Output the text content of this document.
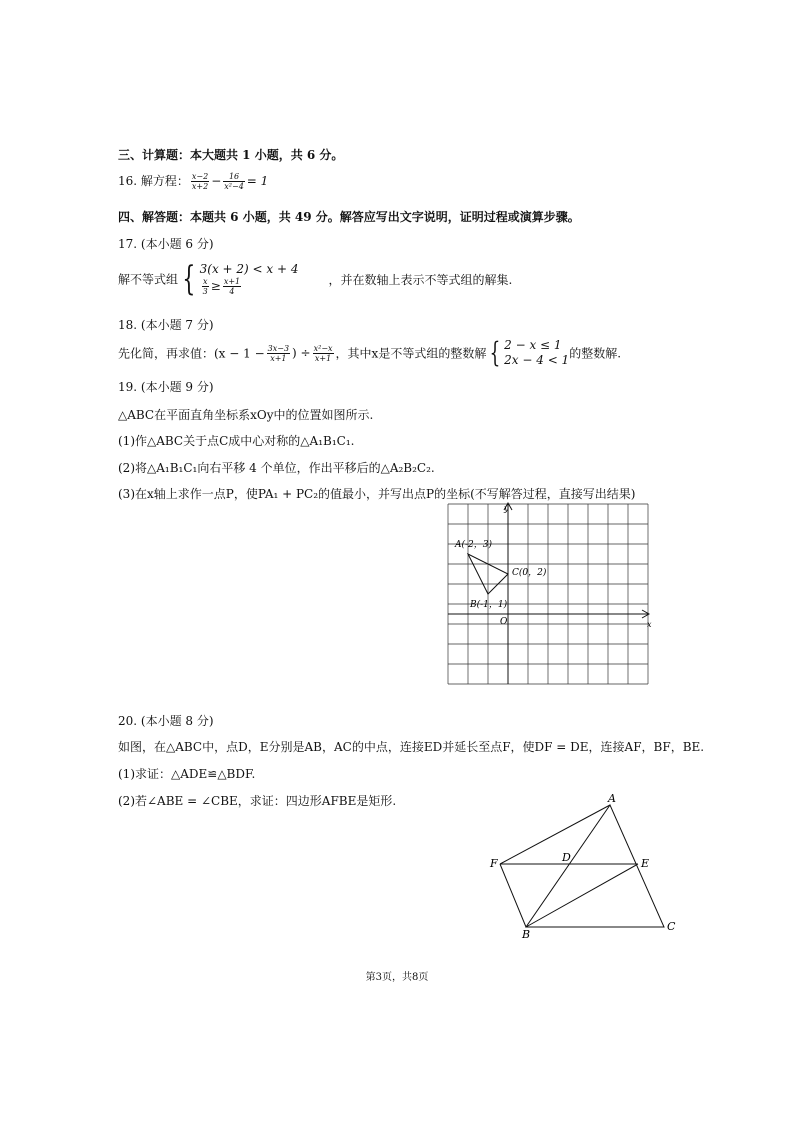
三、计算题：本大题共 1 小题，共 6 分。
16. 解方程： $\frac{x-2}{x+2} - \frac{16}{\text{x²−4}} = 1$
四、解答题：本题共 6 小题，共 49 分。解答应写出文字说明，证明过程或演算步骤。
17. (本小题 6 分)
解不等式组 { 3(x + 2) < x + 4
$\frac{x}{3} \ge \frac{x+1}{4}$	，并在数轴上表示不等式组的解集.
18. (本小题 7 分)
先化简，再求值：($x - 1 - \frac{3x-3}{x+1}$ ) ÷ $\frac{\text{x²−x}}{x+1}$ ，其中x是不等式组的整数解 { 2 − x ≤ 1
2x − 4 < 1 的整数解.
19. (本小题 9 分)
△ABC在平面直角坐标系xOy中的位置如图所示.
(1)作△ABC关于点C成中心对称的△A₁B₁C₁.
(2)将△A₁B₁C₁向右平移 4 个单位，作出平移后的△A₂B₂C₂.
(3)在x轴上求作一点P，使PA₁ + PC₂的值最小，并写出点P的坐标(不写解答过程，直接写出结果)
x
y
O
A(-2，3)
B(-1，1)
C(0，2)
20. (本小题 8 分)
如图，在△ABC中，点D，E分别是AB，AC的中点，连接ED并延长至点F，使DF = DE，连接AF，BF，BE.
(1)求证：△ADE≌△BDF.
(2)若∠ABE = ∠CBE，求证：四边形AFBE是矩形.	A
B
C
D	E
F
第3页，共8页
